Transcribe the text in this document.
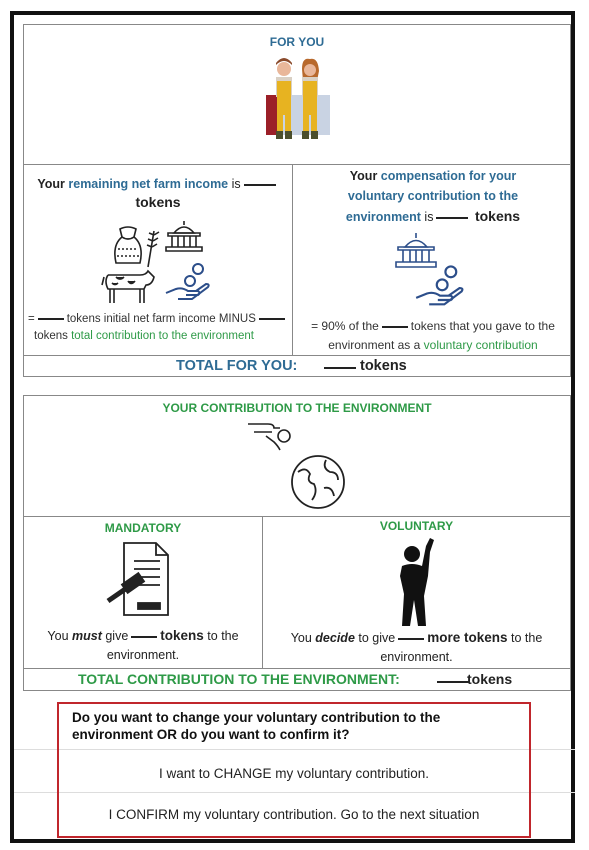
FOR YOU
Your remaining net farm income is
tokens
=	tokens initial net farm income MINUS
tokens total contribution to the environment
Your compensation for your
voluntary contribution to the
environment is	tokens
= 90% of the	tokens that you gave to the
environment as a voluntary contribution
TOTAL FOR YOU:	tokens
YOUR CONTRIBUTION TO THE ENVIRONMENT
MANDATORY
You must give tokens to the
environment.
VOLUNTARY
You decide to give more tokens to the
environment.
TOTAL CONTRIBUTION TO THE ENVIRONMENT:	tokens
Do you want to change your voluntary contribution to the
environment OR do you want to confirm it?
I want to CHANGE my voluntary contribution.
I CONFIRM my voluntary contribution. Go to the next situation
